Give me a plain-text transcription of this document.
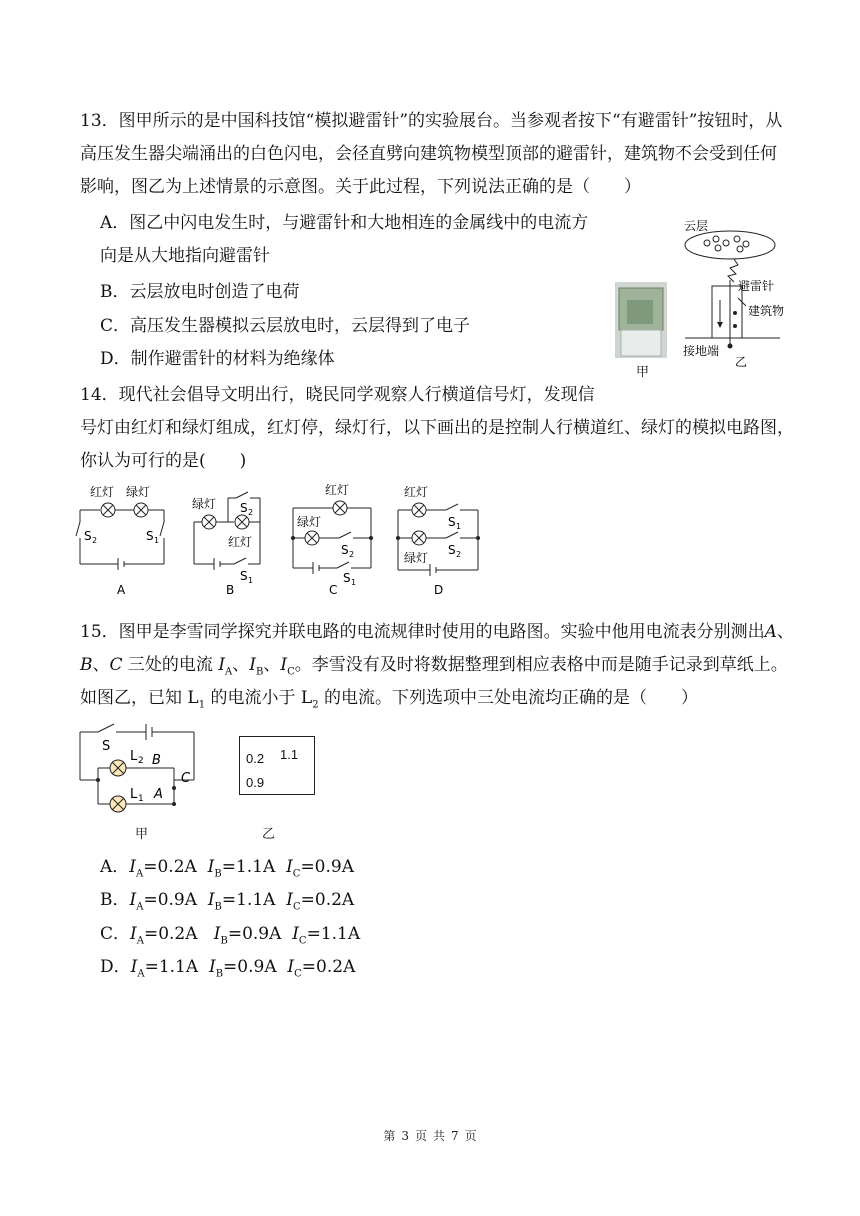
13．图甲所示的是中国科技馆“模拟避雷针”的实验展台。当参观者按下“有避雷针”按钮时，从
高压发生器尖端涌出的白色闪电，会径直劈向建筑物模型顶部的避雷针，建筑物不会受到任何
影响，图乙为上述情景的示意图。关于此过程，下列说法正确的是（　　）
A．图乙中闪电发生时，与避雷针和大地相连的金属线中的电流方
向是从大地指向避雷针
B．云层放电时创造了电荷
C．高压发生器模拟云层放电时，云层得到了电子
D．制作避雷针的材料为绝缘体
甲
云层
避雷针
建筑物
接地端
乙
14．现代社会倡导文明出行，晓民同学观察人行横道信号灯，发现信
号灯由红灯和绿灯组成，红灯停，绿灯行，以下画出的是控制人行横道红、绿灯的模拟电路图，
你认为可行的是(　　)
红灯 绿灯
S 2	S 1
A
绿灯 S 2
红灯
S 1
B
红灯
绿灯
S 2
S 1
C
红灯
S 1
S 2
绿灯
D
15．图甲是李雪同学探究并联电路的电流规律时使用的电路图。实验中他用电流表分别测出A、
B、C 三处的电流 $I_A$、$I_B$、$I_C$。李雪没有及时将数据整理到相应表格中而是随手记录到草纸上。
如图乙，已知 $L_1$ 的电流小于 $L_2$ 的电流。下列选项中三处电流均正确的是（　　）
S
L 2 B
C
L 1 A
甲
0.2 1.1
0.9
乙
A．$I_A=0.2A$ $I_B=1.1A$ $I_C=0.9A$
B．$I_A=0.9A$ $I_B=1.1A$ $I_C=0.2A$
C．$I_A=0.2A$ $I_B=0.9A$ $I_C=1.1A$
D．$I_A=1.1A$ $I_B=0.9A$ $I_C=0.2A$
第 3 页 共 7 页
